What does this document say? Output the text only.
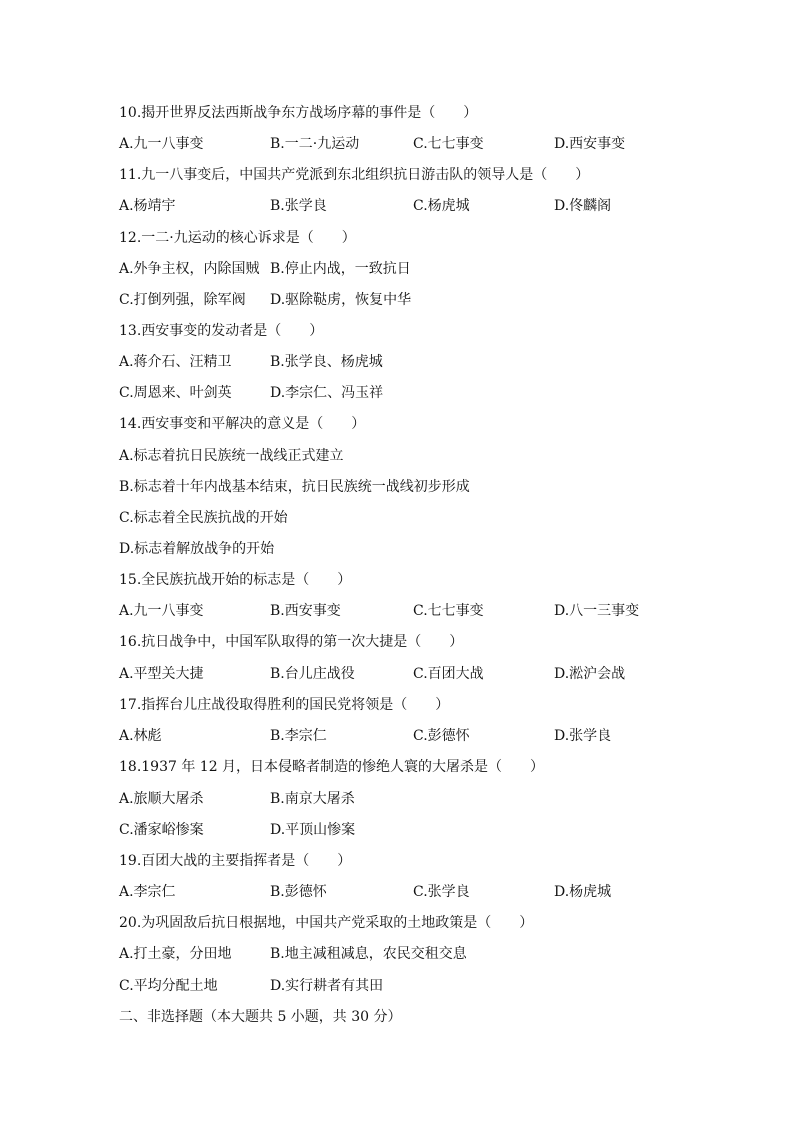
10.揭开世界反法西斯战争东方战场序幕的事件是（　　）
A.九一八事变	B.一二·九运动	C.七七事变	D.西安事变
11.九一八事变后，中国共产党派到东北组织抗日游击队的领导人是（　　）
A.杨靖宇	B.张学良	C.杨虎城	D.佟麟阁
12.一二·九运动的核心诉求是（　　）
A.外争主权，内除国贼 B.停止内战，一致抗日
C.打倒列强，除军阀 D.驱除鞑虏，恢复中华
13.西安事变的发动者是（　　）
A.蒋介石、汪精卫	B.张学良、杨虎城
C.周恩来、叶剑英	D.李宗仁、冯玉祥
14.西安事变和平解决的意义是（　　）
A.标志着抗日民族统一战线正式建立
B.标志着十年内战基本结束，抗日民族统一战线初步形成
C.标志着全民族抗战的开始
D.标志着解放战争的开始
15.全民族抗战开始的标志是（　　）
A.九一八事变	B.西安事变	C.七七事变	D.八一三事变
16.抗日战争中，中国军队取得的第一次大捷是（　　）
A.平型关大捷	B.台儿庄战役	C.百团大战	D.淞沪会战
17.指挥台儿庄战役取得胜利的国民党将领是（　　）
A.林彪	B.李宗仁	C.彭德怀	D.张学良
18.1937 年 12 月，日本侵略者制造的惨绝人寰的大屠杀是（　　）
A.旅顺大屠杀	B.南京大屠杀
C.潘家峪惨案	D.平顶山惨案
19.百团大战的主要指挥者是（　　）
A.李宗仁	B.彭德怀	C.张学良	D.杨虎城
20.为巩固敌后抗日根据地，中国共产党采取的土地政策是（　　）
A.打土豪，分田地	B.地主减租减息，农民交租交息
C.平均分配土地	D.实行耕者有其田
二、非选择题（本大题共 5 小题，共 30 分）
